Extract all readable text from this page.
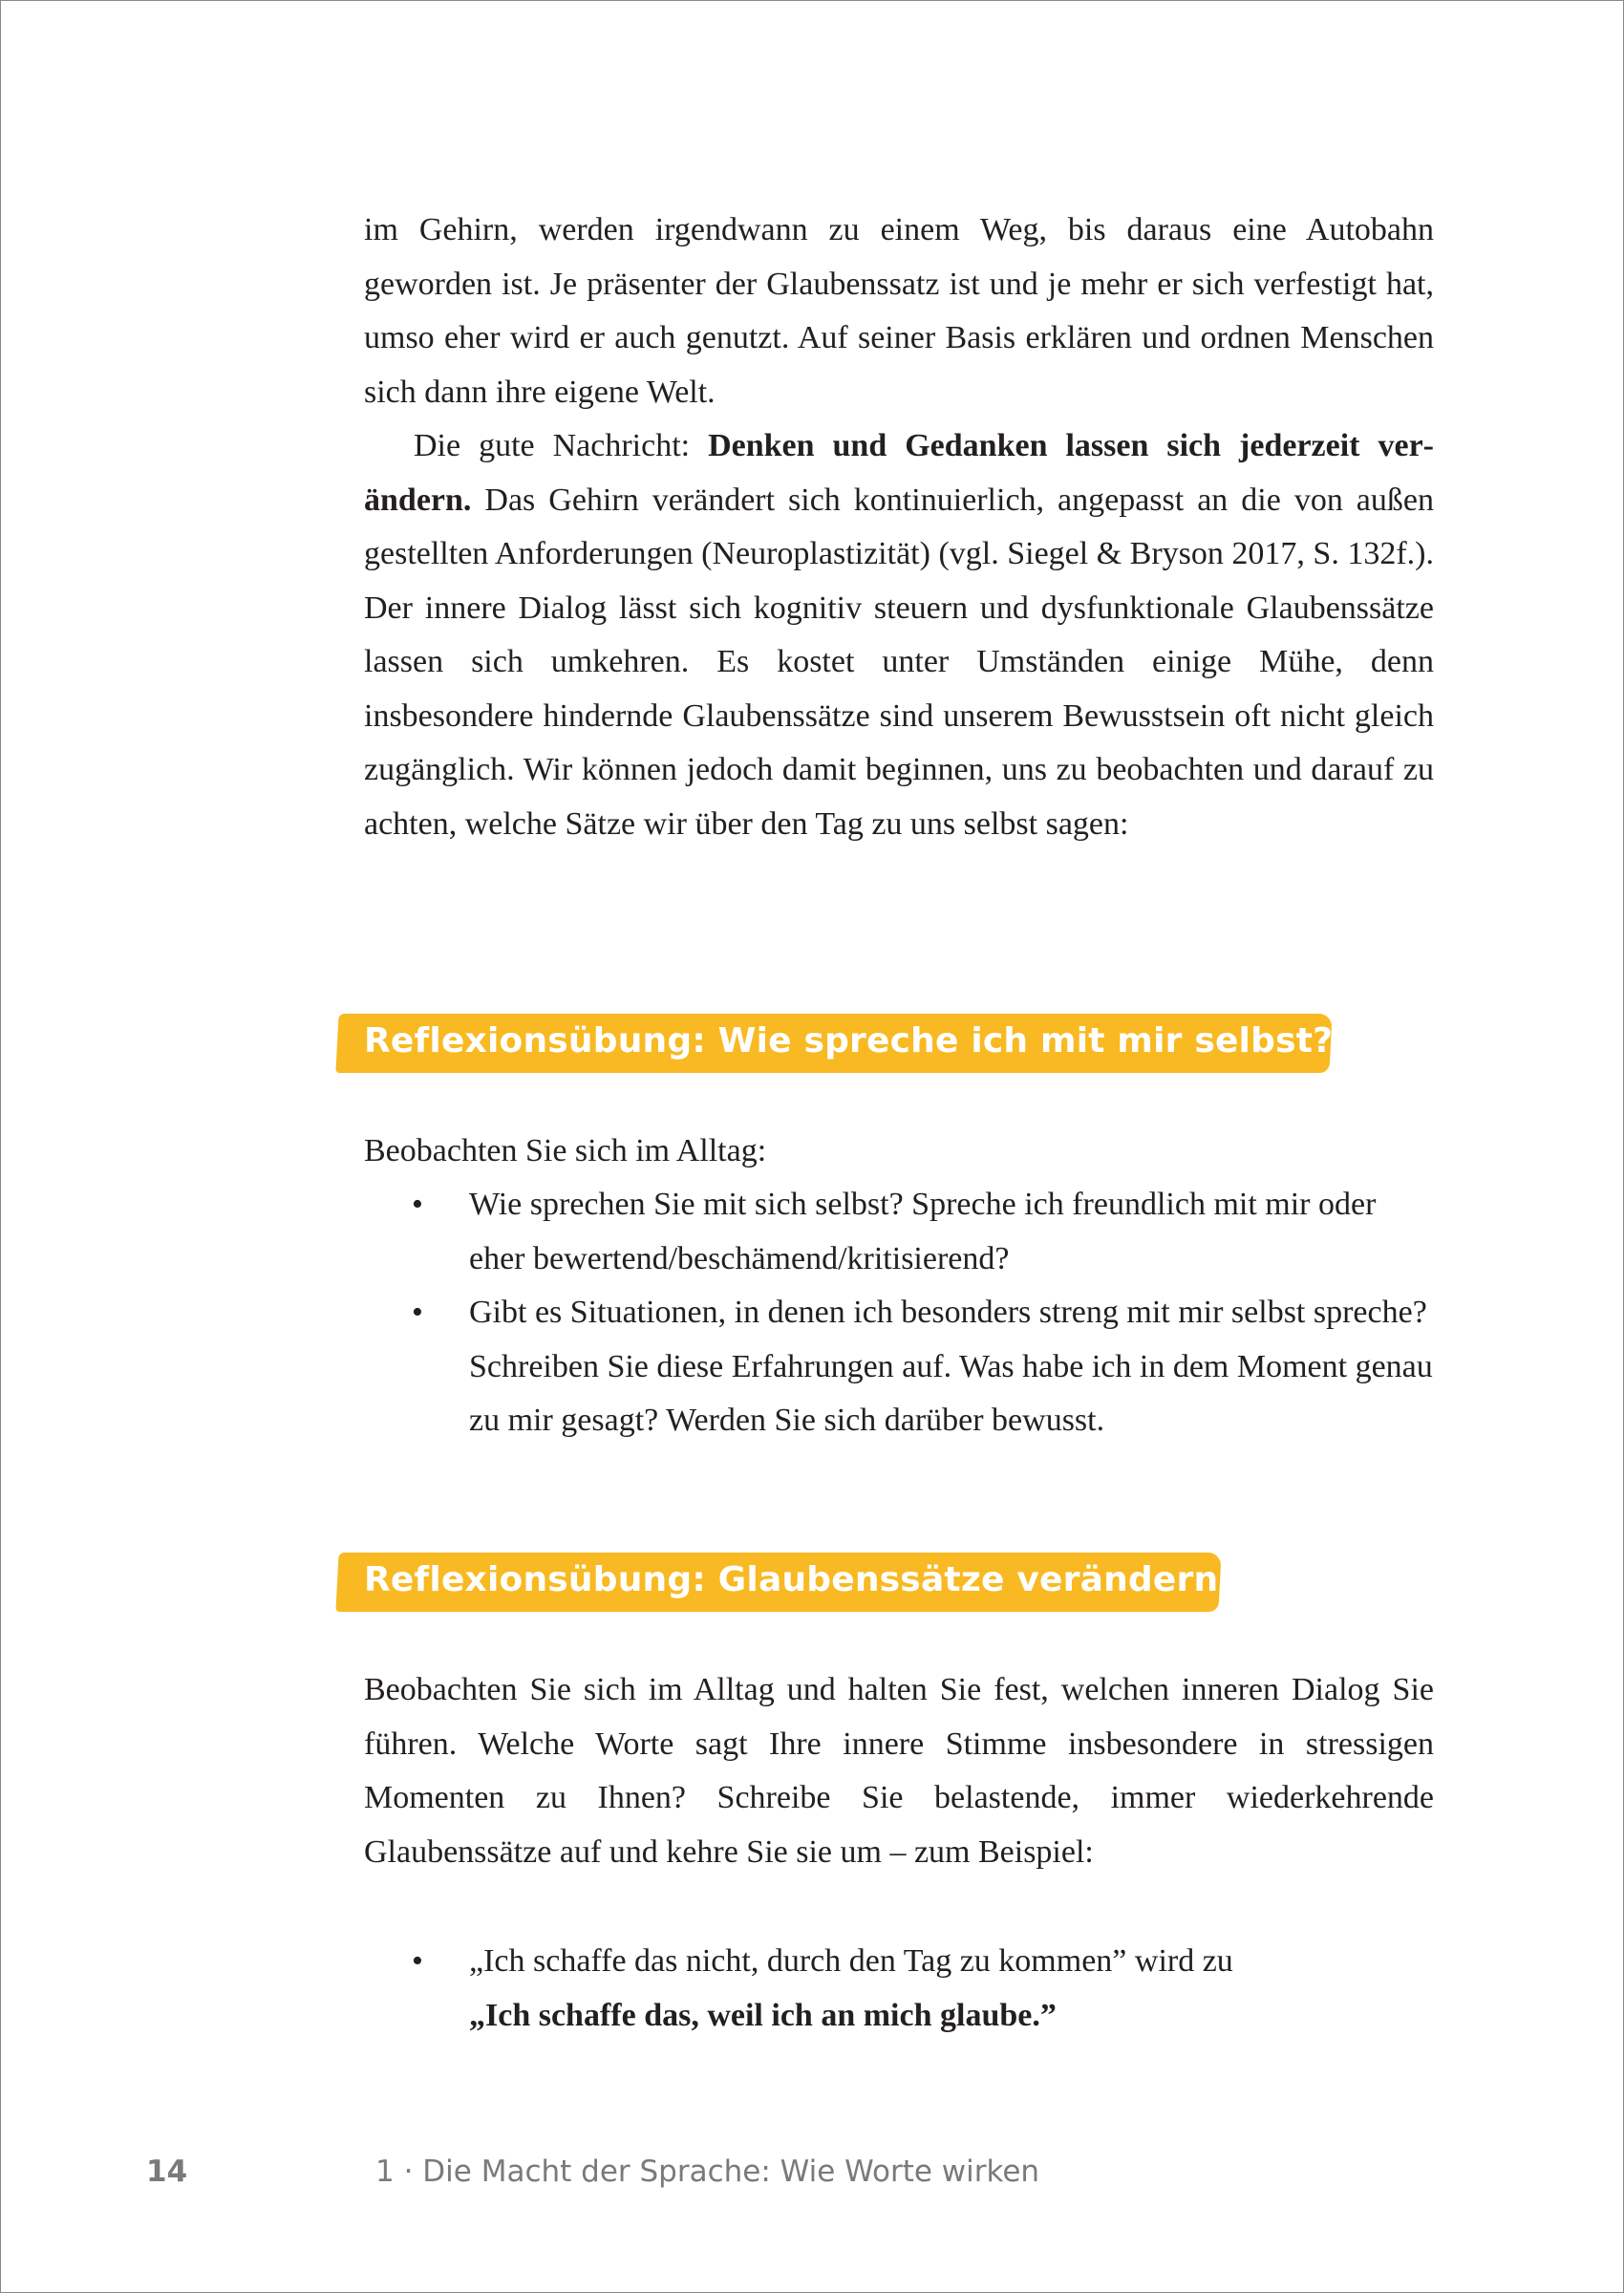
im Gehirn, werden irgendwann zu einem Weg, bis daraus eine Autobahn geworden ist. Je präsenter der Glaubenssatz ist und je mehr er sich verfestigt hat, umso eher wird er auch genutzt. Auf seiner Basis erklären und ordnen Menschen sich dann ihre eigene Welt.

Die gute Nachricht: Denken und Gedanken lassen sich jederzeit verändern. Das Gehirn verändert sich kontinuierlich, angepasst an die von außen gestellten Anforderungen (Neuroplastizität) (vgl. Siegel & Bryson 2017, S. 132f.). Der innere Dialog lässt sich kognitiv steuern und dysfunktionale Glaubenssätze lassen sich umkehren. Es kostet unter Umständen einige Mühe, denn insbesondere hindernde Glaubenssätze sind unserem Bewusstsein oft nicht gleich zugänglich. Wir können jedoch damit beginnen, uns zu beobachten und darauf zu achten, welche Sätze wir über den Tag zu uns selbst sagen:

Reflexionsübung: Wie spreche ich mit mir selbst?
Beobachten Sie sich im Alltag:
• Wie sprechen Sie mit sich selbst? Spreche ich freundlich mit mir oder eher bewertend/beschämend/kritisierend?
• Gibt es Situationen, in denen ich besonders streng mit mir selbst spreche? Schreiben Sie diese Erfahrungen auf. Was habe ich in dem Moment genau zu mir gesagt? Werden Sie sich darüber bewusst.
Reflexionsübung: Glaubenssätze verändern

Beobachten Sie sich im Alltag und halten Sie fest, welchen inneren Dialog Sie führen. Welche Worte sagt Ihre innere Stimme insbesondere in stressigen Momenten zu Ihnen? Schreibe Sie belastende, immer wiederkehrende Glaubenssätze auf und kehre Sie sie um – zum Beispiel:

• „Ich schaffe das nicht, durch den Tag zu kommen” wird zu
„Ich schaffe das, weil ich an mich glaube.”
14	1 · Die Macht der Sprache: Wie Worte wirken
